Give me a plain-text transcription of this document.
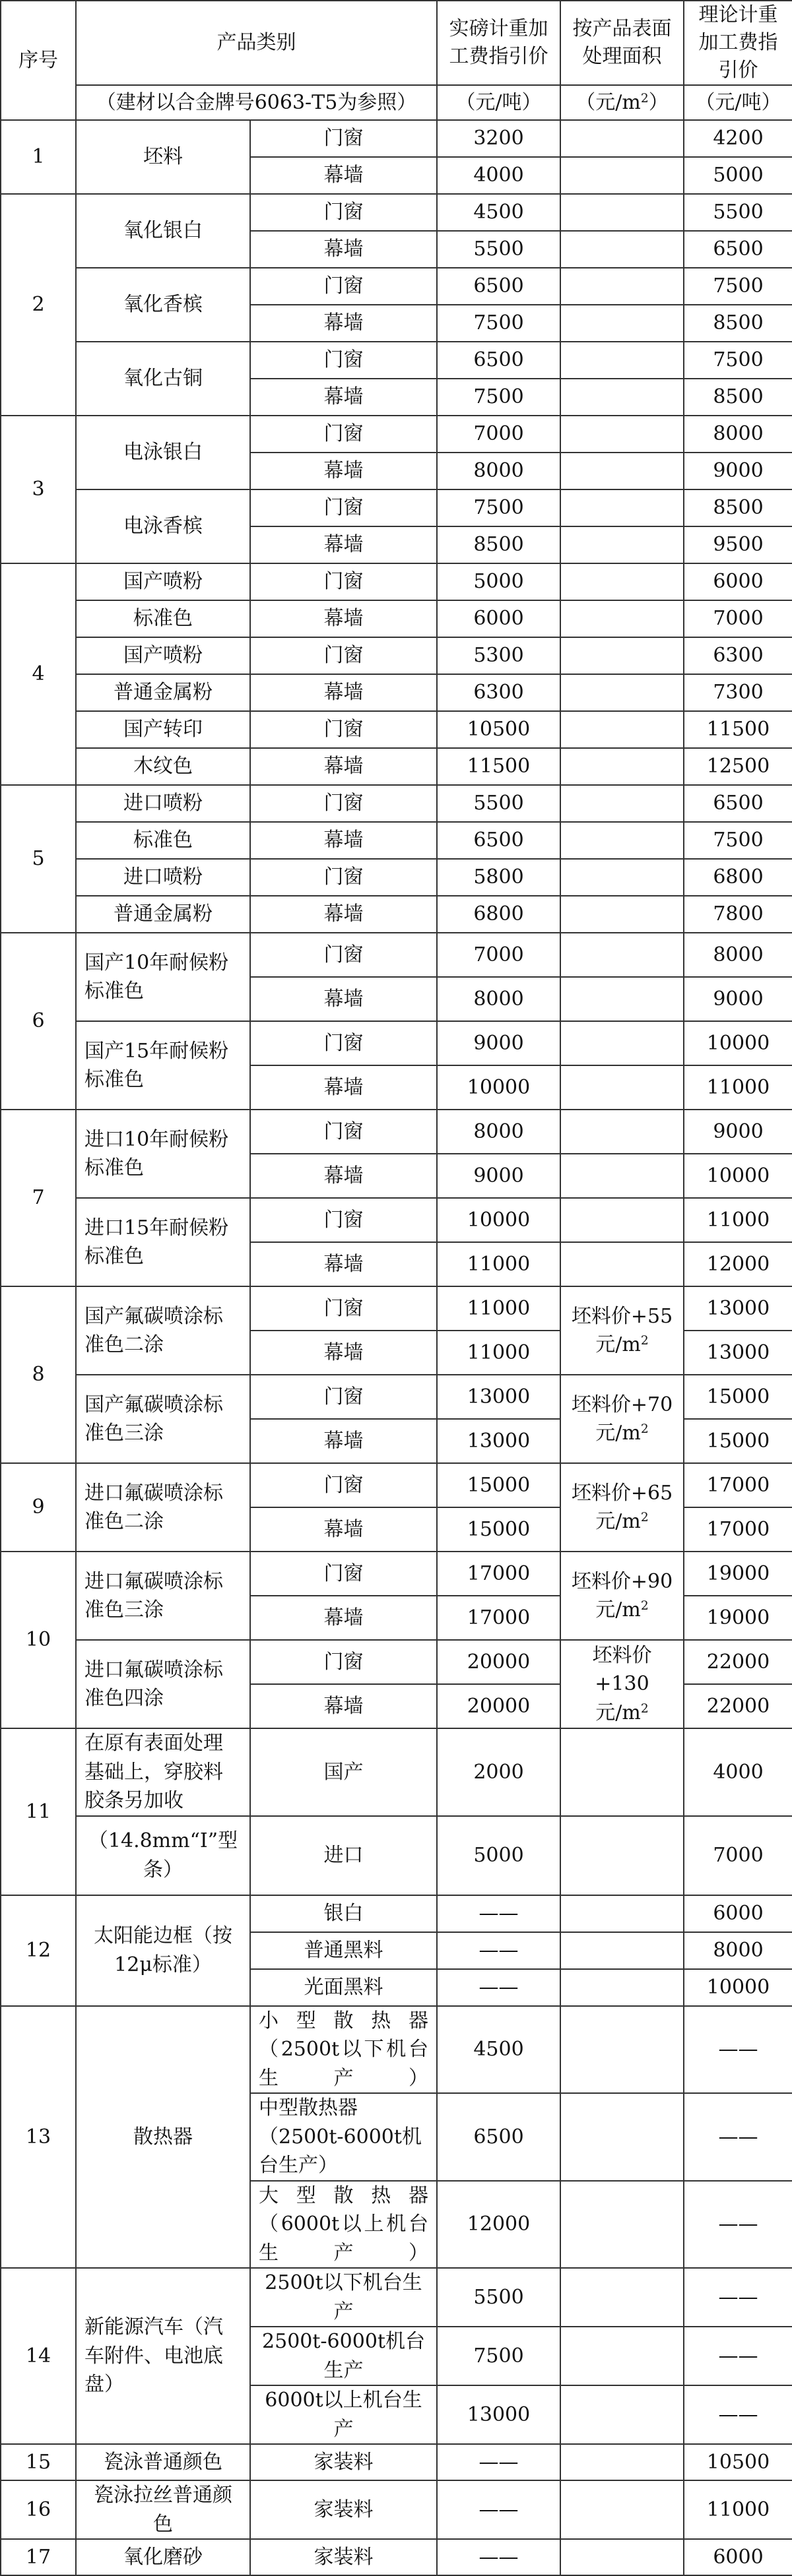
序号	产品类别		实磅计重加工费指引价	按产品表面处理面积	理论计重加工费指引价
	（建材以合金牌号6063-T5为参照）		（元/吨）	（元$/m^2$）	（元/吨）
1	坯料	门窗	3200		4200
		幕墙	4000		5000
2	氧化银白	门窗	4500		5500
		幕墙	5500		6500
	氧化香槟	门窗	6500		7500
		幕墙	7500		8500
	氧化古铜	门窗	6500		7500
		幕墙	7500		8500
3	电泳银白	门窗	7000		8000
		幕墙	8000		9000
	电泳香槟	门窗	7500		8500
		幕墙	8500		9500
4	国产喷粉	门窗	5000		6000
	标准色	幕墙	6000		7000
	国产喷粉	门窗	5300		6300
	普通金属粉	幕墙	6300		7300
	国产转印	门窗	10500		11500
	木纹色	幕墙	11500		12500
5	进口喷粉	门窗	5500		6500
	标准色	幕墙	6500		7500
	进口喷粉	门窗	5800		6800
	普通金属粉	幕墙	6800		7800
6	国产10年耐候粉标准色	门窗	7000		8000
		幕墙	8000		9000
	国产15年耐候粉标准色	门窗	9000		10000
		幕墙	10000		11000
7	进口10年耐候粉标准色	门窗	8000		9000
		幕墙	9000		10000
	进口15年耐候粉标准色	门窗	10000		11000
		幕墙	11000		12000
8	国产氟碳喷涂标准色二涂	门窗	11000	坯料价+55元$/m^2$	13000
		幕墙	11000		13000
	国产氟碳喷涂标准色三涂	门窗	13000	坯料价+70元$/m^2$	15000
		幕墙	13000		15000
9	进口氟碳喷涂标准色二涂	门窗	15000	坯料价+65元$/m^2$	17000
		幕墙	15000		17000
10	进口氟碳喷涂标准色三涂	门窗	17000	坯料价+90元$/m^2$	19000
		幕墙	17000		19000
	进口氟碳喷涂标准色四涂	门窗	20000	坯料价+130元$/m^2$	22000
		幕墙	20000		22000
11	在原有表面处理基础上，穿胶料胶条另加收	国产	2000		4000
	（14.8mm“I”型条）	进口	5000		7000
12	太阳能边框（按12μ标准）	银白	——		6000
		普通黑料	——		8000
		光面黑料	——		10000
13	散热器	小型散热器（2500t以下机台生产）	4500		——
		中型散热器（2500t-6000t机台生产）	6500		——
		大型散热器（6000t以上机台生产）	12000		——
14	新能源汽车（汽车附件、电池底盘）	2500t以下机台生产	5500		——
		2500t-6000t机台生产	7500		——
		6000t以上机台生产	13000		——
15	瓷泳普通颜色	家装料	——		10500
16	瓷泳拉丝普通颜色	家装料	——		11000
17	氧化磨砂	家装料	——		6000
